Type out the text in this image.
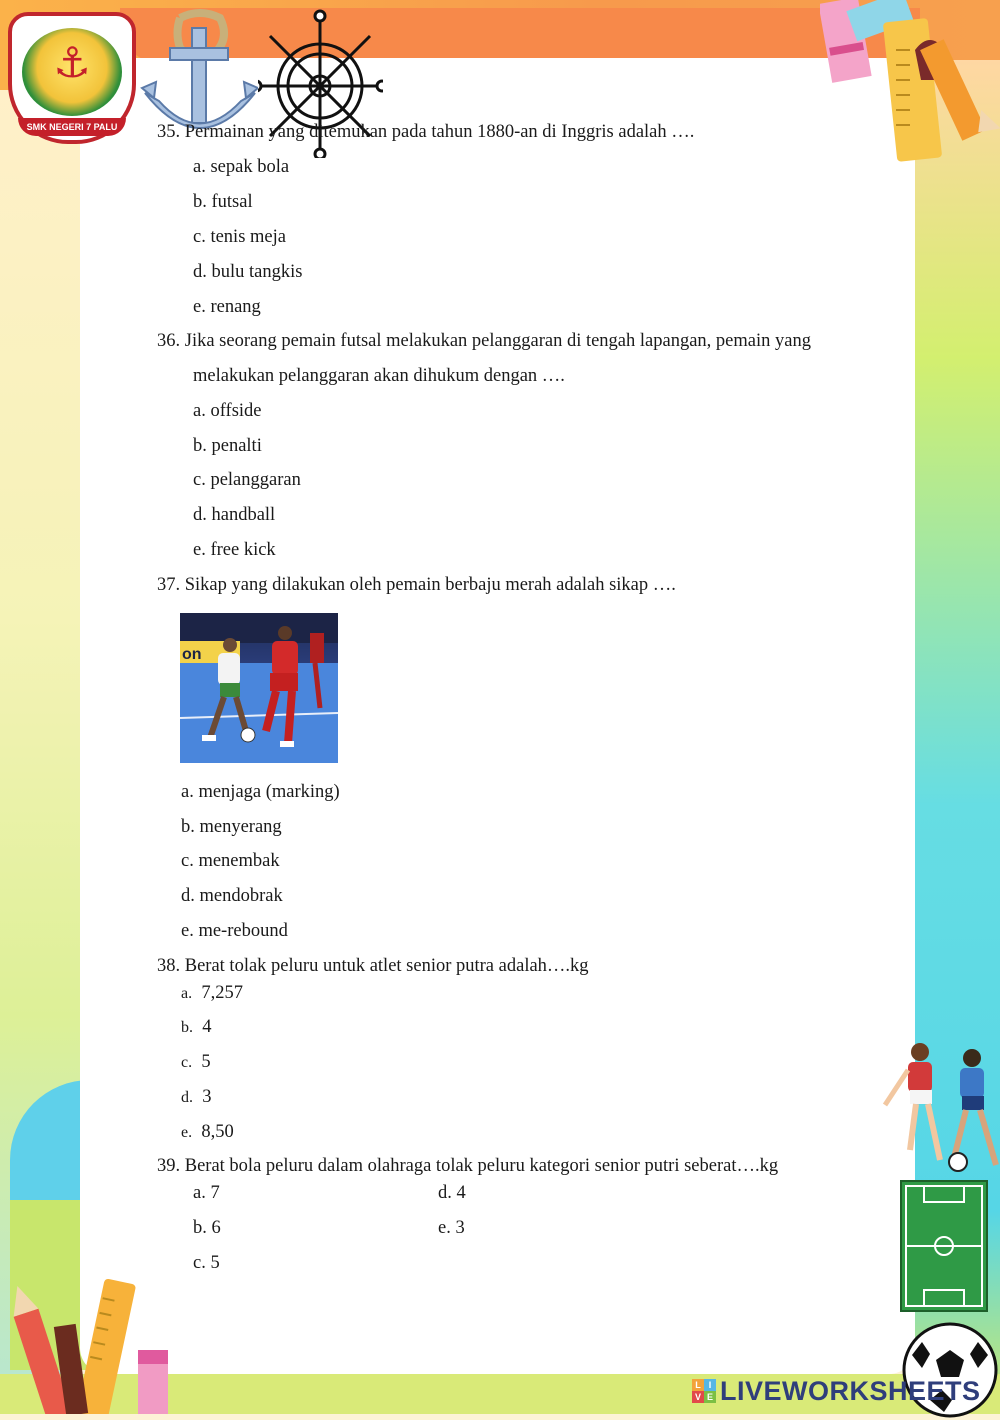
⚓
SMK NEGERI 7 PALU	35. Permainan yang ditemukan pada tahun 1880-an di Inggris adalah ….
a. sepak bola
b. futsal
c. tenis meja
d. bulu tangkis
e. renang
36. Jika seorang pemain futsal melakukan pelanggaran di tengah lapangan, pemain yang
melakukan pelanggaran akan dihukum dengan ….
a. offside
b. penalti
c. pelanggaran
d. handball
e. free kick
37. Sikap yang dilakukan oleh pemain berbaju merah adalah sikap ….
on
a. menjaga (marking)
b. menyerang
c. menembak
d. mendobrak
e. me-rebound
38. Berat tolak peluru untuk atlet senior putra adalah….kg
a. 7,257
b. 4
c. 5
d. 3
e. 8,50
39. Berat bola peluru dalam olahraga tolak peluru kategori senior putri seberat….kg
a. 7
b. 6
c. 5
d. 4
e. 3
L I
V E LIVEWORKSHEETS
